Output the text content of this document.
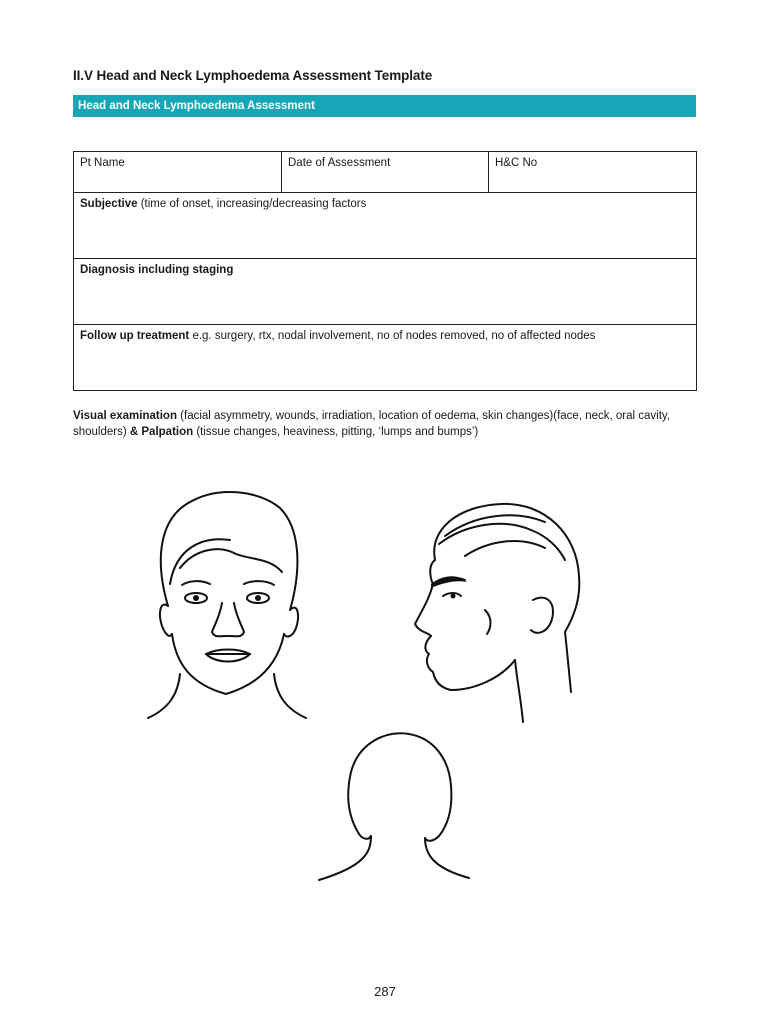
II.V Head and Neck Lymphoedema Assessment Template
Head and Neck Lymphoedema Assessment
Pt Name	Date of Assessment	H&C No
Subjective (time of onset, increasing/decreasing factors
Diagnosis including staging
Follow up treatment e.g. surgery, rtx, nodal involvement, no of nodes removed, no of affected nodes
Visual examination (facial asymmetry, wounds, irradiation, location of oedema, skin changes)(face, neck, oral cavity, shoulders) & Palpation (tissue changes, heaviness, pitting, ‘lumps and bumps’)
287
